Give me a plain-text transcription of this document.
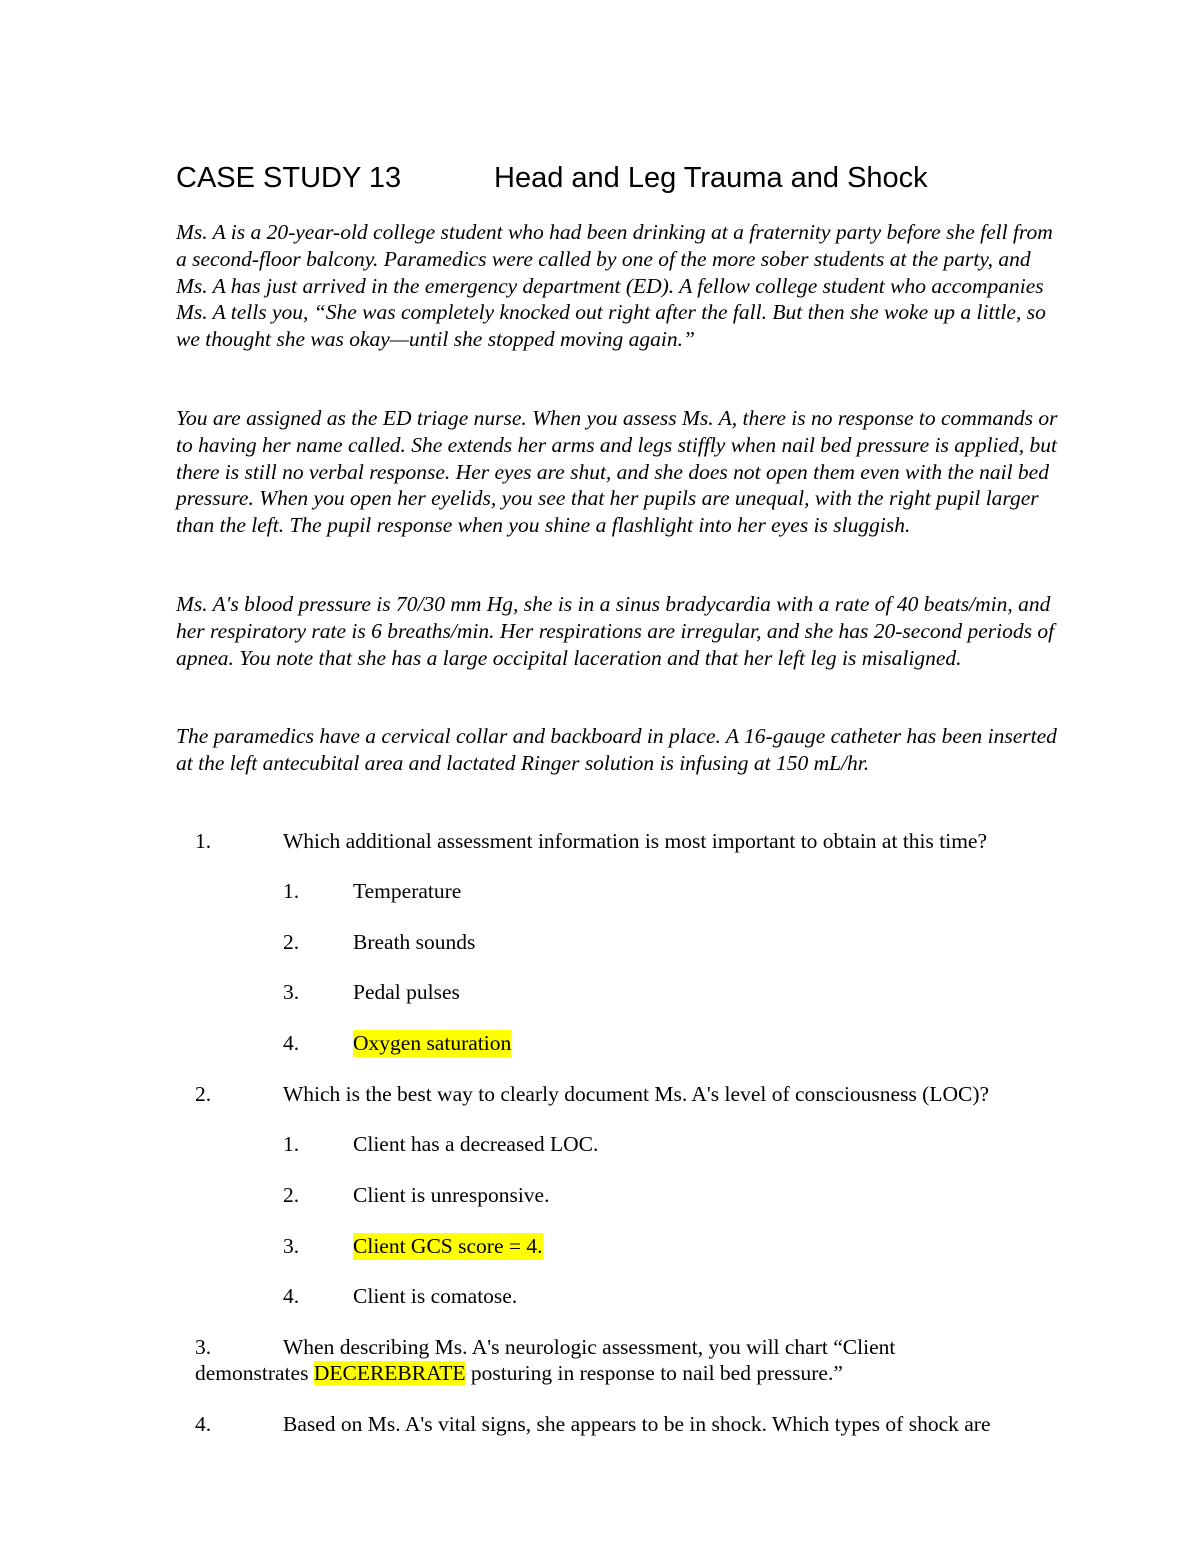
CASE STUDY 13	Head and Leg Trauma and Shock

Ms. A is a 20-year-old college student who had been drinking at a fraternity party before she fell from a second-floor balcony. Paramedics were called by one of the more sober students at the party, and Ms. A has just arrived in the emergency department (ED). A fellow college student who accompanies Ms. A tells you, “She was completely knocked out right after the fall. But then she woke up a little, so we thought she was okay—until she stopped moving again.”

You are assigned as the ED triage nurse. When you assess Ms. A, there is no response to commands or to having her name called. She extends her arms and legs stiffly when nail bed pressure is applied, but there is still no verbal response. Her eyes are shut, and she does not open them even with the nail bed pressure. When you open her eyelids, you see that her pupils are unequal, with the right pupil larger than the left. The pupil response when you shine a flashlight into her eyes is sluggish.

Ms. A's blood pressure is 70/30 mm Hg, she is in a sinus bradycardia with a rate of 40 beats/min, and her respiratory rate is 6 breaths/min. Her respirations are irregular, and she has 20-second periods of apnea. You note that she has a large occipital laceration and that her left leg is misaligned.

The paramedics have a cervical collar and backboard in place. A 16-gauge catheter has been inserted at the left antecubital area and lactated Ringer solution is infusing at 150 mL/hr.

1.	Which additional assessment information is most important to obtain at this time?
1.	Temperature
2.	Breath sounds
3.	Pedal pulses
4.	Oxygen saturation
2.	Which is the best way to clearly document Ms. A's level of consciousness (LOC)?
1.	Client has a decreased LOC.
2.	Client is unresponsive.
3.	Client GCS score = 4.
4.	Client is comatose.
3.	When describing Ms. A's neurologic assessment, you will chart “Client
demonstrates DECEREBRATE posturing in response to nail bed pressure.”
4.	Based on Ms. A's vital signs, she appears to be in shock. Which types of shock are
